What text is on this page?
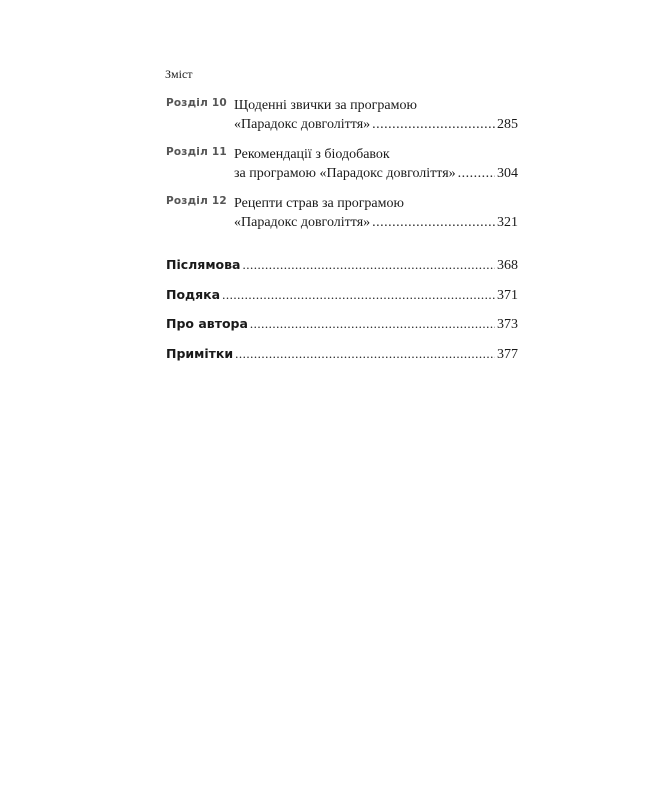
Зміст
Розділ 10 Щоденні звички за програмою
«Парадокс довголіття» .....	285
Розділ 11 Рекомендації з біодобавок
за програмою «Парадокс довголіття» .....	304
Розділ 12 Рецепти страв за програмою
«Парадокс довголіття» .....	321
Післямова .....	368
Подяка .....	371
Про автора .....	373
Примітки .....	377
